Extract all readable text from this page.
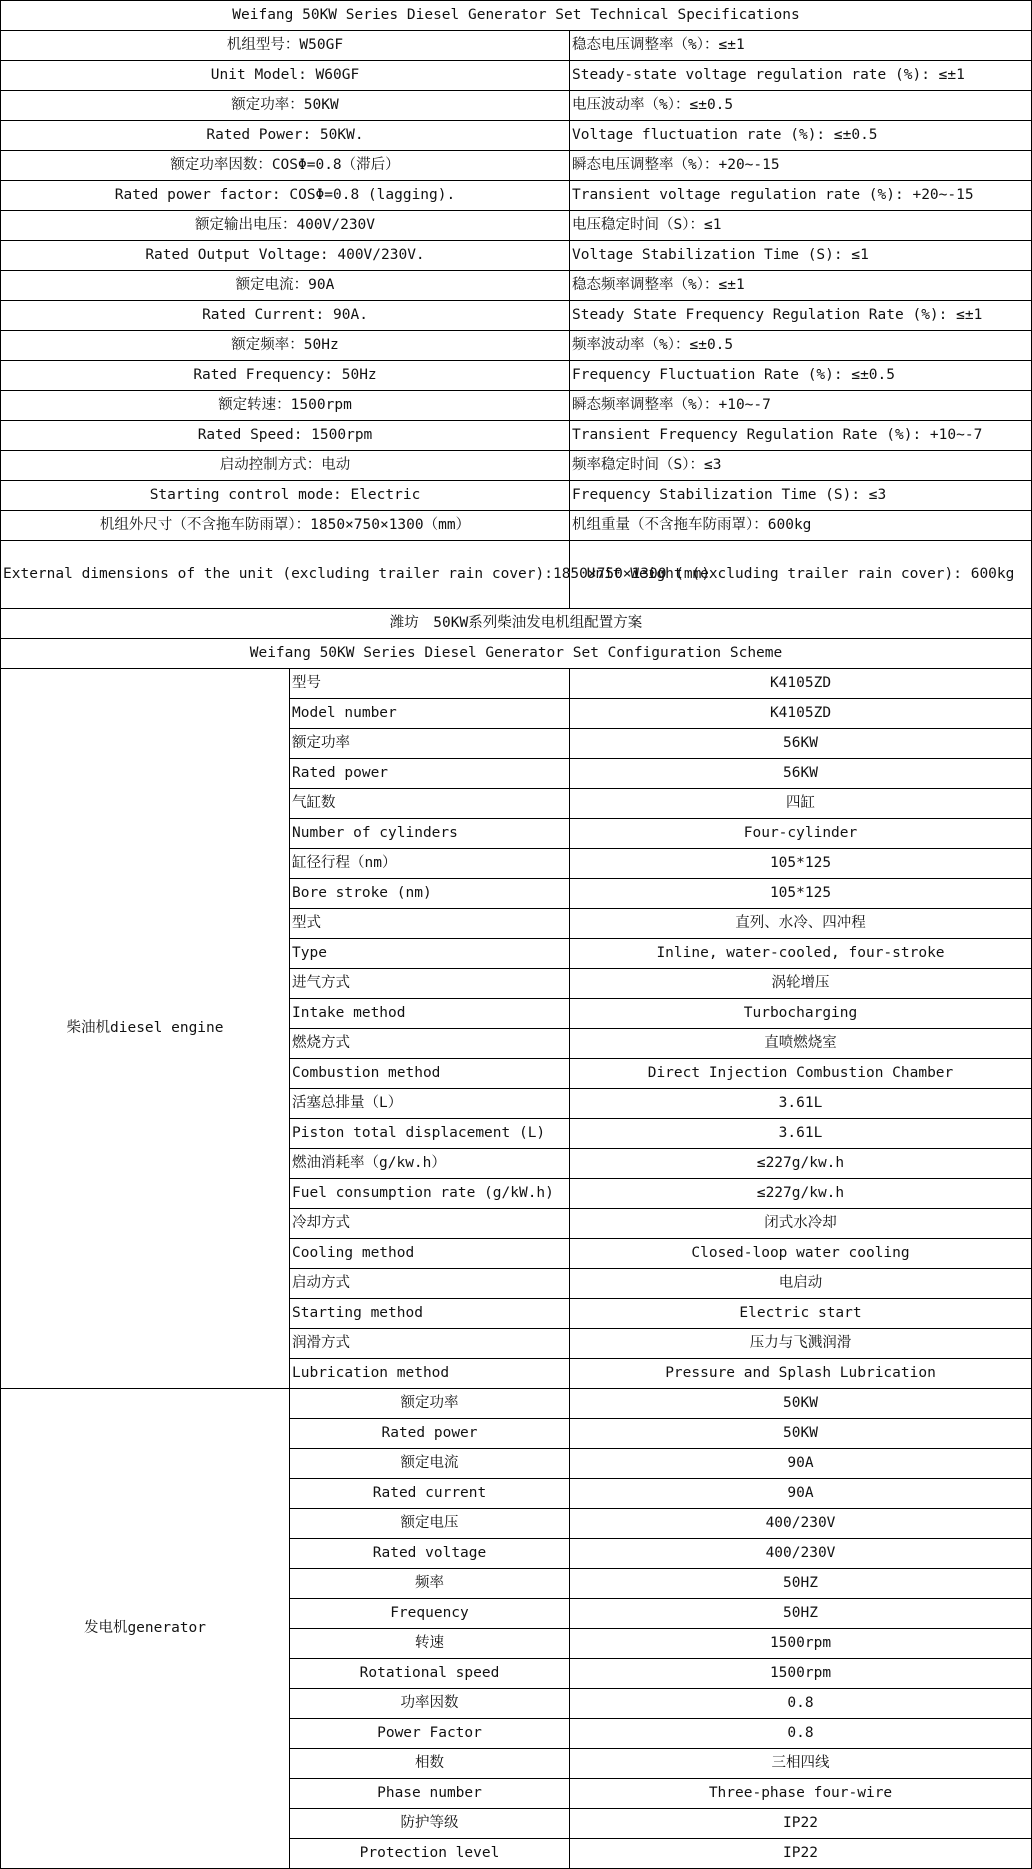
Weifang 50KW Series Diesel Generator Set Technical Specifications		
机组型号：W50GF		稳态电压调整率（%）：≤±1
Unit Model: W60GF		Steady-state voltage regulation rate (%): ≤±1
额定功率：50KW		电压波动率（%）：≤±0.5
Rated Power: 50KW.		Voltage fluctuation rate (%): ≤±0.5
额定功率因数：COSΦ=0.8（滞后）		瞬态电压调整率（%）：+20~-15
Rated power factor: COSΦ=0.8 (lagging).		Transient voltage regulation rate (%): +20~-15
额定输出电压：400V/230V		电压稳定时间（S）：≤1
Rated Output Voltage: 400V/230V.		Voltage Stabilization Time (S): ≤1
额定电流：90A		稳态频率调整率（%）：≤±1
Rated Current: 90A.		Steady State Frequency Regulation Rate (%): ≤±1
额定频率：50Hz		频率波动率（%）：≤±0.5
Rated Frequency: 50Hz		Frequency Fluctuation Rate (%): ≤±0.5
额定转速：1500rpm		瞬态频率调整率（%）：+10~-7
Rated Speed: 1500rpm		Transient Frequency Regulation Rate (%): +10~-7
启动控制方式：电动		频率稳定时间（S）：≤3
Starting control mode: Electric		Frequency Stabilization Time (S): ≤3
机组外尺寸（不含拖车防雨罩）：1850×750×1300（mm）		机组重量（不含拖车防雨罩）：600kg
External dimensions of the unit (excluding trailer rain cover):1850×750×1300 (mm)		Unit Weight (excluding trailer rain cover): 600kg
潍坊　50KW系列柴油发电机组配置方案		
Weifang 50KW Series Diesel Generator Set Configuration Scheme		
柴油机diesel engine	型号	K4105ZD
	Model number	K4105ZD
	额定功率	56KW
	Rated power	56KW
	气缸数	四缸
	Number of cylinders	Four-cylinder
	缸径行程（nm）	105*125
	Bore stroke (nm)	105*125
	型式	直列、水冷、四冲程
	Type	Inline, water-cooled, four-stroke
	进气方式	涡轮增压
	Intake method	Turbocharging
	燃烧方式	直喷燃烧室
	Combustion method	Direct Injection Combustion Chamber
	活塞总排量（L）	3.61L
	Piston total displacement (L)	3.61L
	燃油消耗率（g/kw.h）	≤227g/kw.h
	Fuel consumption rate (g/kW.h)	≤227g/kw.h
	冷却方式	闭式水冷却
	Cooling method	Closed-loop water cooling
	启动方式	电启动
	Starting method	Electric start
	润滑方式	压力与飞溅润滑
	Lubrication method	Pressure and Splash Lubrication
发电机generator	额定功率	50KW
	Rated power	50KW
	额定电流	90A
	Rated current	90A
	额定电压	400/230V
	Rated voltage	400/230V
	频率	50HZ
	Frequency	50HZ
	转速	1500rpm
	Rotational speed	1500rpm
	功率因数	0.8
	Power Factor	0.8
	相数	三相四线
	Phase number	Three-phase four-wire
	防护等级	IP22
	Protection level	IP22
